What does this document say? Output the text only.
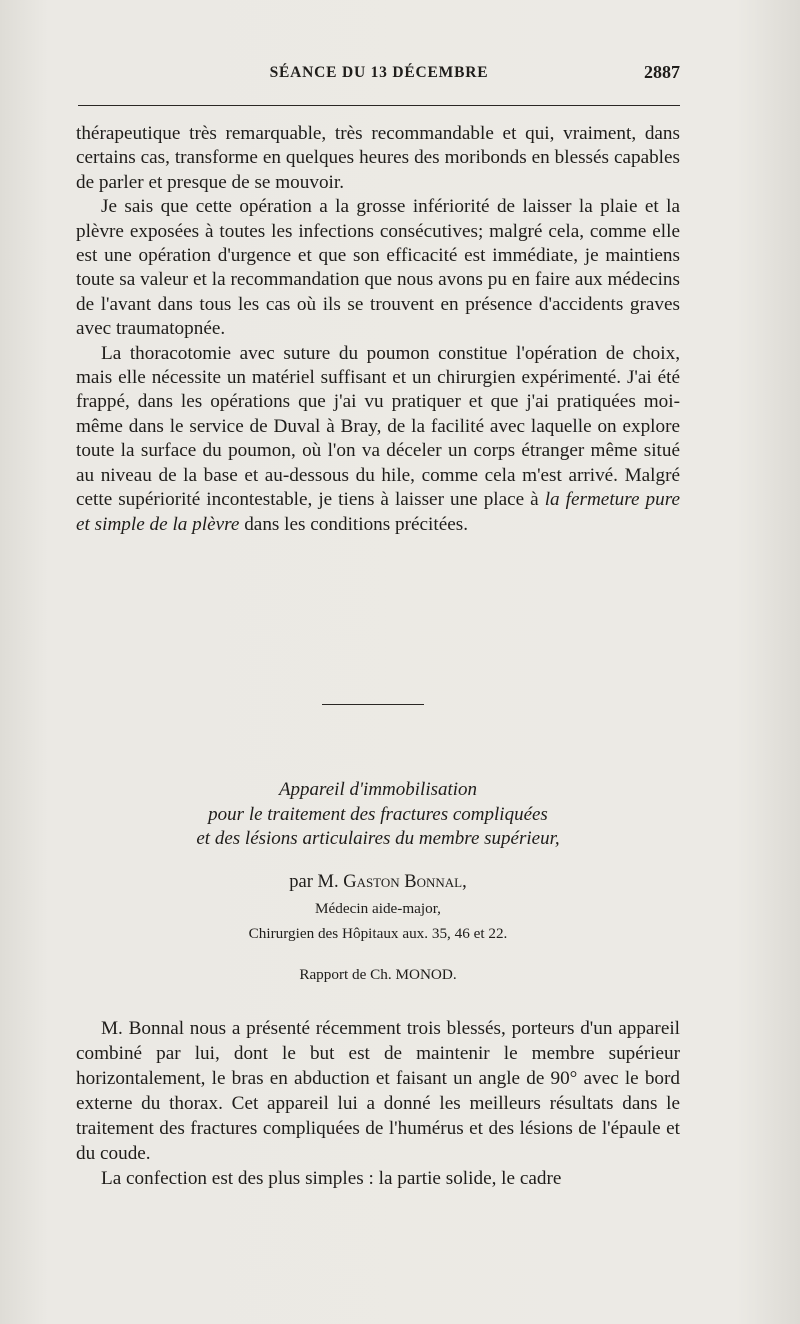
SÉANCE DU 13 DÉCEMBRE	2887

thérapeutique très remarquable, très recommandable et qui, vraiment, dans certains cas, transforme en quelques heures des moribonds en blessés capables de parler et presque de se mouvoir.

Je sais que cette opération a la grosse infériorité de laisser la plaie et la plèvre exposées à toutes les infections consécutives; malgré cela, comme elle est une opération d'urgence et que son efficacité est immédiate, je maintiens toute sa valeur et la recommandation que nous avons pu en faire aux médecins de l'avant dans tous les cas où ils se trouvent en présence d'accidents graves avec traumatopnée.

La thoracotomie avec suture du poumon constitue l'opération de choix, mais elle nécessite un matériel suffisant et un chirurgien expérimenté. J'ai été frappé, dans les opérations que j'ai vu pratiquer et que j'ai pratiquées moi-même dans le service de Duval à Bray, de la facilité avec laquelle on explore toute la surface du poumon, où l'on va déceler un corps étranger même situé au niveau de la base et au-dessous du hile, comme cela m'est arrivé. Malgré cette supériorité incontestable, je tiens à laisser une place à la fermeture pure et simple de la plèvre dans les conditions précitées.

Appareil d'immobilisation
pour le traitement des fractures compliquées
et des lésions articulaires du membre supérieur,
par M. Gaston Bonnal,
Médecin aide-major,
Chirurgien des Hôpitaux aux. 35, 46 et 22.
Rapport de Ch. MONOD.

M. Bonnal nous a présenté récemment trois blessés, porteurs d'un appareil combiné par lui, dont le but est de maintenir le membre supérieur horizontalement, le bras en abduction et faisant un angle de 90° avec le bord externe du thorax. Cet appareil lui a donné les meilleurs résultats dans le traitement des fractures compliquées de l'humérus et des lésions de l'épaule et du coude.

La confection est des plus simples : la partie solide, le cadre
